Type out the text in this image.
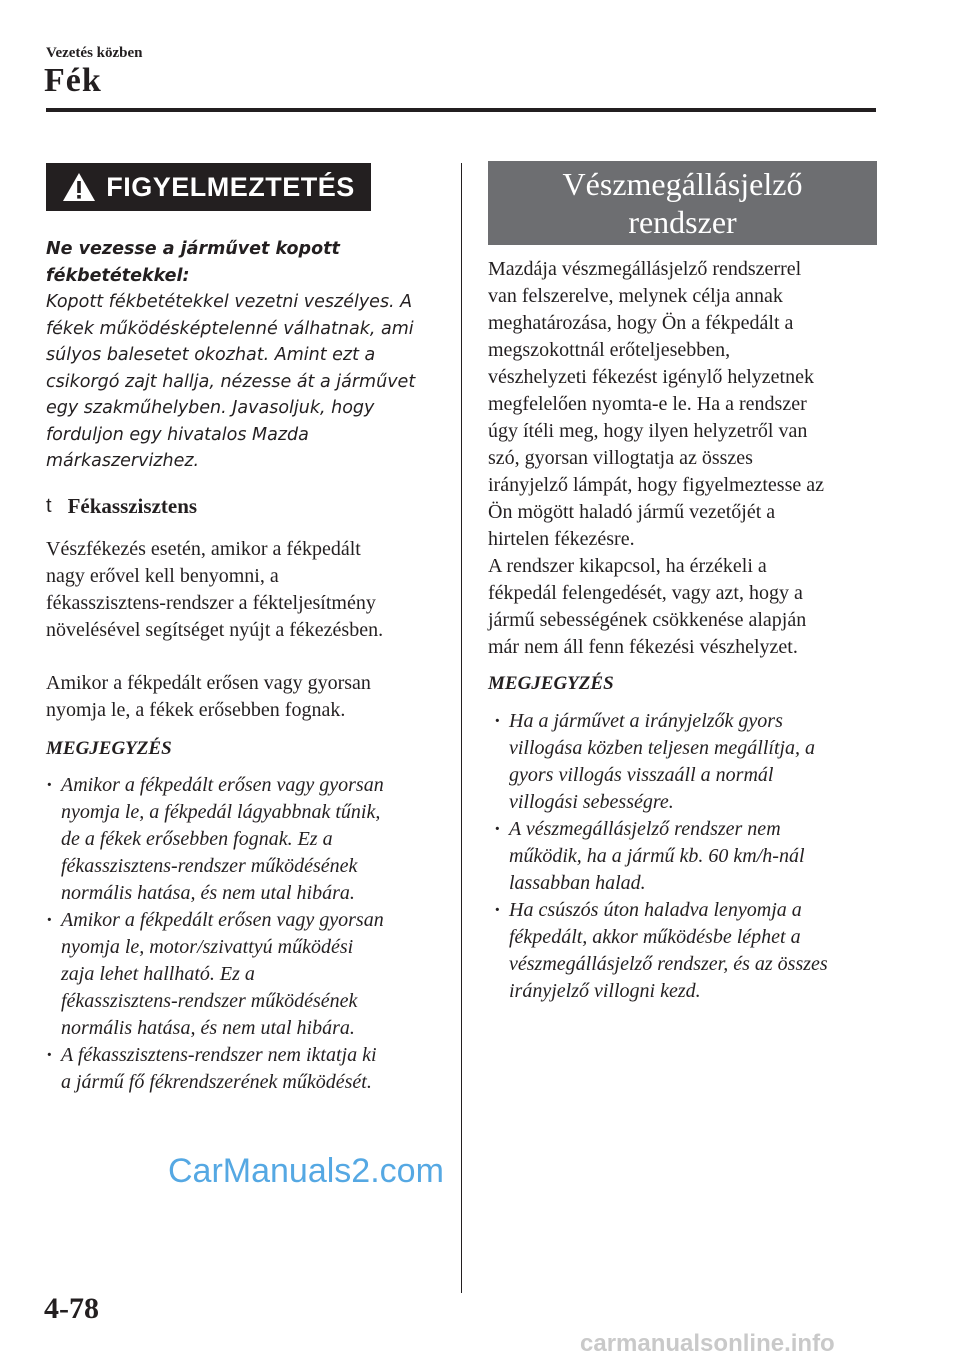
Vezetés közben
Fék
FIGYELMEZTETÉS
Ne vezesse a járművet kopott
fékbetétekkel:
Kopott fékbetétekkel vezetni veszélyes. A
fékek működésképtelenné válhatnak, ami
súlyos balesetet okozhat. Amint ezt a
csikorgó zajt hallja, nézesse át a járművet
egy szakműhelyben. Javasoljuk, hogy
forduljon egy hivatalos Mazda
márkaszervizhez.
t Fékasszisztens
Vészfékezés esetén, amikor a fékpedált
nagy erővel kell benyomni, a
fékasszisztens-rendszer a fékteljesítmény
növelésével segítséget nyújt a fékezésben.
Amikor a fékpedált erősen vagy gyorsan
nyomja le, a fékek erősebben fognak.
MEGJEGYZÉS
· Amikor a fékpedált erősen vagy gyorsan
nyomja le, a fékpedál lágyabbnak tűnik,
de a fékek erősebben fognak. Ez a
fékasszisztens-rendszer működésének
normális hatása, és nem utal hibára.
· Amikor a fékpedált erősen vagy gyorsan
nyomja le, motor/szivattyú működési
zaja lehet hallható. Ez a
fékasszisztens-rendszer működésének
normális hatása, és nem utal hibára.
· A fékasszisztens-rendszer nem iktatja ki
a jármű fő fékrendszerének működését.
Vészmegállásjelző
rendszer
Mazdája vészmegállásjelző rendszerrel
van felszerelve, melynek célja annak
meghatározása, hogy Ön a fékpedált a
megszokottnál erőteljesebben,
vészhelyzeti fékezést igénylő helyzetnek
megfelelően nyomta-e le. Ha a rendszer
úgy ítéli meg, hogy ilyen helyzetről van
szó, gyorsan villogtatja az összes
irányjelző lámpát, hogy figyelmeztesse az
Ön mögött haladó jármű vezetőjét a
hirtelen fékezésre.
A rendszer kikapcsol, ha érzékeli a
fékpedál felengedését, vagy azt, hogy a
jármű sebességének csökkenése alapján
már nem áll fenn fékezési vészhelyzet.
MEGJEGYZÉS
· Ha a járművet a irányjelzők gyors
villogása közben teljesen megállítja, a
gyors villogás visszaáll a normál
villogási sebességre.
· A vészmegállásjelző rendszer nem
működik, ha a jármű kb. 60 km/h-nál
lassabban halad.
· Ha csúszós úton haladva lenyomja a
fékpedált, akkor működésbe léphet a
vészmegállásjelző rendszer, és az összes
irányjelző villogni kezd.
CarManuals2.com
4-78
carmanualsonline.info
